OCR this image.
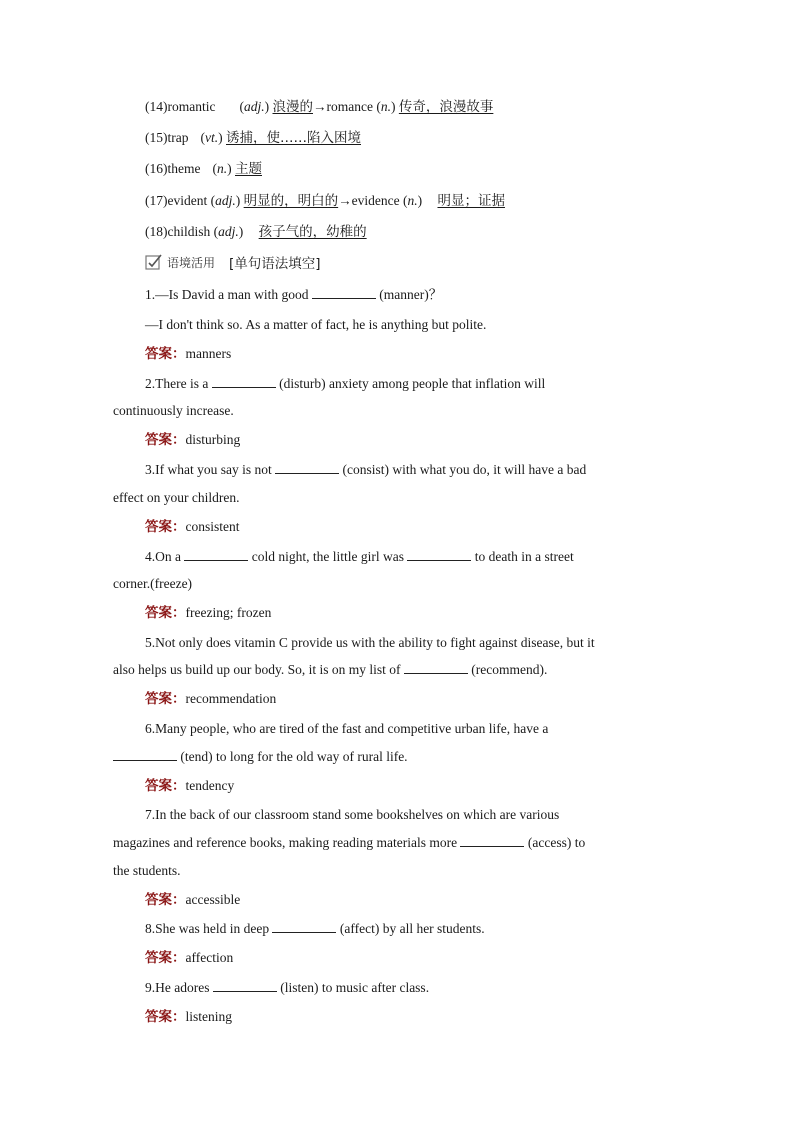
(14)romantic (adj.) 浪漫的→romance (n.) 传奇，浪漫故事
(15)trap (vt.) 诱捕，使……陷入困境
(16)theme (n.) 主题
(17)evident (adj.) 明显的，明白的→evidence (n.) 明显；证据
(18)childish (adj.) 孩子气的，幼稚的
语境活用 [单句语法填空]
1.—Is David a man with good	(manner)？
—I don't think so. As a matter of fact, he is anything but polite.
答案：manners
2.There is a	(disturb) anxiety among people that inflation will
continuously increase.
答案：disturbing
3.If what you say is not	(consist) with what you do, it will have a bad
effect on your children.
答案：consistent
4.On a	cold night, the little girl was	to death in a street
corner.(freeze)
答案：freezing; frozen
5.Not only does vitamin C provide us with the ability to fight against disease, but it
also helps us build up our body. So, it is on my list of	(recommend).
答案：recommendation
6.Many people, who are tired of the fast and competitive urban life, have a
(tend) to long for the old way of rural life.
答案：tendency
7.In the back of our classroom stand some bookshelves on which are various
magazines and reference books, making reading materials more	(access) to
the students.
答案：accessible
8.She was held in deep	(affect) by all her students.
答案：affection
9.He adores	(listen) to music after class.
答案：listening
